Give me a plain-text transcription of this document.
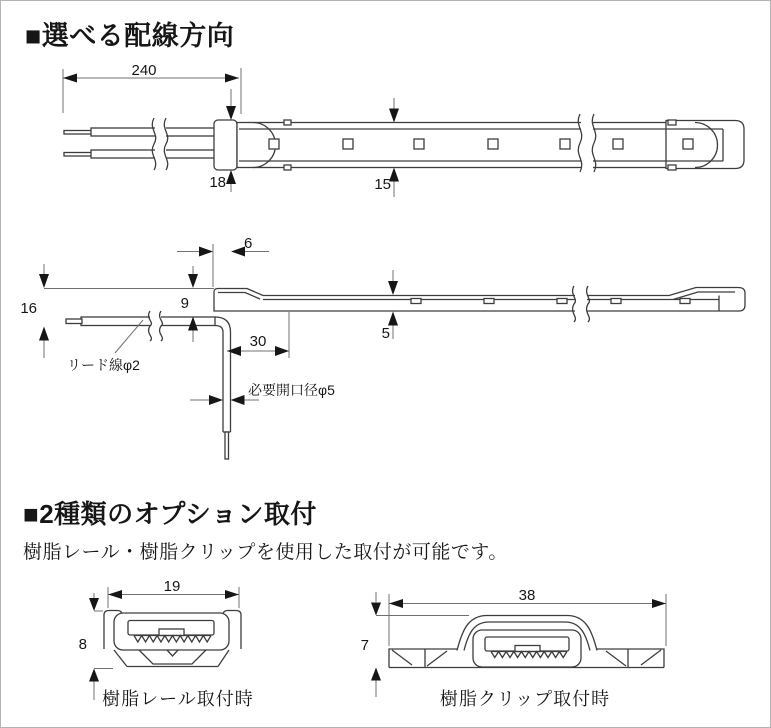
■選べる配線方向
■2種類のオプション取付
樹脂レール・樹脂クリップを使用した取付が可能です。
樹脂レール取付時	樹脂クリップ取付時
240
18	15
リード線φ2
6
16	9
5
30
必要開口径φ5
19
8
38
7
